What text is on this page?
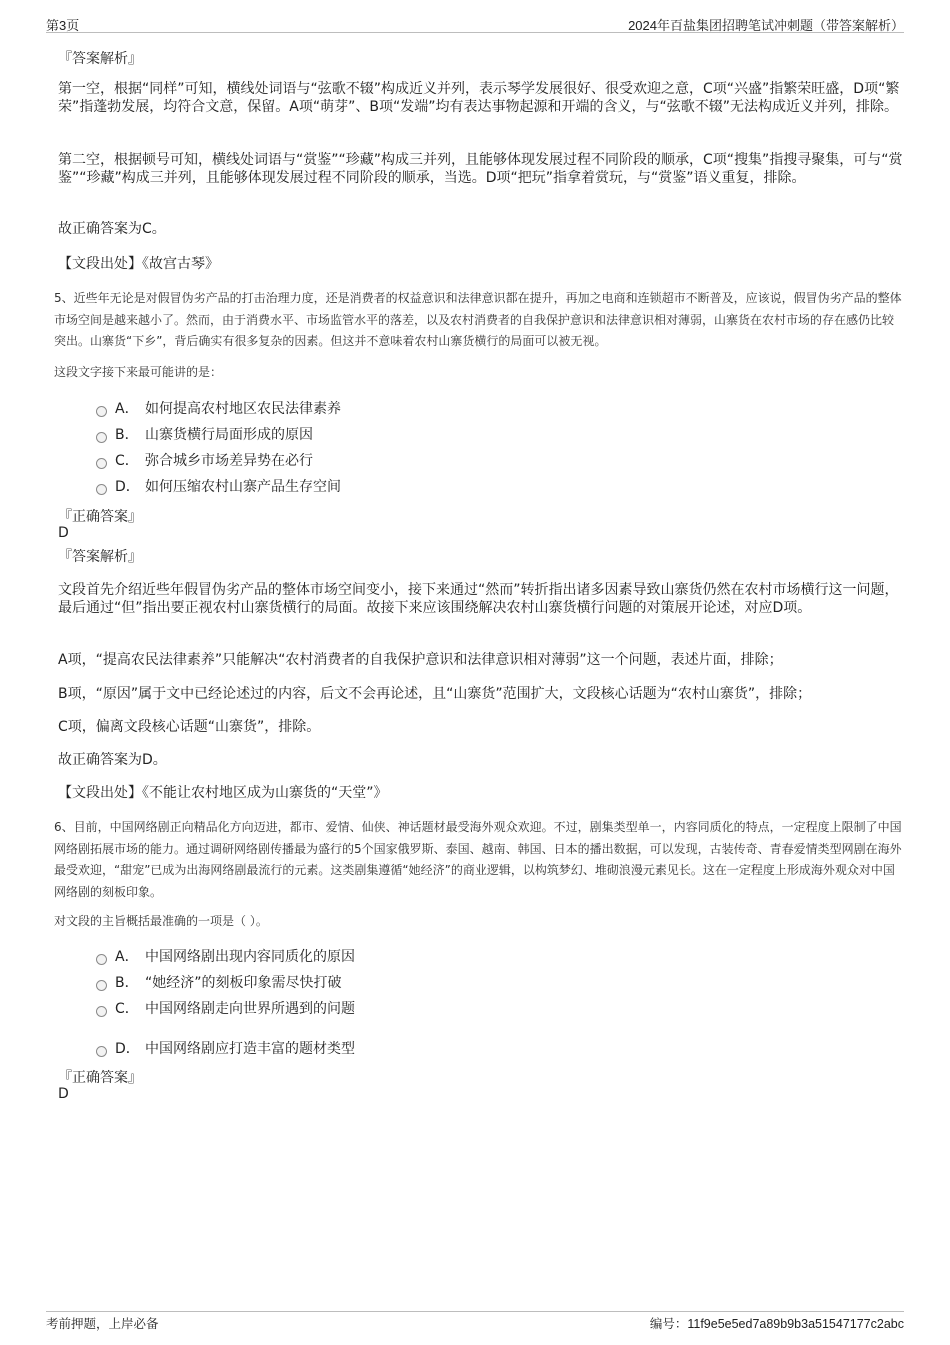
第3页	2024年百盐集团招聘笔试冲刺题（带答案解析）
『答案解析』
第一空，根据“同样”可知，横线处词语与“弦歌不辍”构成近义并列，表示琴学发展很好、很受欢迎之意，C项“兴盛”指繁荣旺盛，D项“繁荣”指蓬勃发展，均符合文意，保留。A项“萌芽”、B项“发端”均有表达事物起源和开端的含义，与“弦歌不辍”无法构成近义并列，排除。
第二空，根据顿号可知，横线处词语与“赏鉴”“珍藏”构成三并列，且能够体现发展过程不同阶段的顺承，C项“搜集”指搜寻聚集，可与“赏鉴”“珍藏”构成三并列，且能够体现发展过程不同阶段的顺承，当选。D项“把玩”指拿着赏玩，与“赏鉴”语义重复，排除。
故正确答案为C。
【文段出处】《故宫古琴》
5、近些年无论是对假冒伪劣产品的打击治理力度，还是消费者的权益意识和法律意识都在提升，再加之电商和连锁超市不断普及，应该说，假冒伪劣产品的整体市场空间是越来越小了。然而，由于消费水平、市场监管水平的落差，以及农村消费者的自我保护意识和法律意识相对薄弱，山寨货在农村市场的存在感仍比较突出。山寨货“下乡”，背后确实有很多复杂的因素。但这并不意味着农村山寨货横行的局面可以被无视。
这段文字接下来最可能讲的是：
A． 如何提高农村地区农民法律素养
B． 山寨货横行局面形成的原因
C． 弥合城乡市场差异势在必行
D． 如何压缩农村山寨产品生存空间
『正确答案』
D
『答案解析』
文段首先介绍近些年假冒伪劣产品的整体市场空间变小，接下来通过“然而”转折指出诸多因素导致山寨货仍然在农村市场横行这一问题，最后通过“但”指出要正视农村山寨货横行的局面。故接下来应该围绕解决农村山寨货横行问题的对策展开论述，对应D项。
A项，“提高农民法律素养”只能解决“农村消费者的自我保护意识和法律意识相对薄弱”这一个问题，表述片面，排除；
B项，“原因”属于文中已经论述过的内容，后文不会再论述，且“山寨货”范围扩大，文段核心话题为“农村山寨货”，排除；
C项，偏离文段核心话题“山寨货”，排除。
故正确答案为D。
【文段出处】《不能让农村地区成为山寨货的“天堂”》
6、目前，中国网络剧正向精品化方向迈进，都市、爱情、仙侠、神话题材最受海外观众欢迎。不过，剧集类型单一，内容同质化的特点，一定程度上限制了中国网络剧拓展市场的能力。通过调研网络剧传播最为盛行的5个国家俄罗斯、泰国、越南、韩国、日本的播出数据，可以发现，古装传奇、青春爱情类型网剧在海外最受欢迎，“甜宠”已成为出海网络剧最流行的元素。这类剧集遵循“她经济”的商业逻辑，以构筑梦幻、堆砌浪漫元素见长。这在一定程度上形成海外观众对中国网络剧的刻板印象。
对文段的主旨概括最准确的一项是（ ）。
A． 中国网络剧出现内容同质化的原因
B． “她经济”的刻板印象需尽快打破
C． 中国网络剧走向世界所遇到的问题
D． 中国网络剧应打造丰富的题材类型
『正确答案』
D
考前押题，上岸必备	编号：11f9e5e5ed7a89b9b3a51547177c2abc
